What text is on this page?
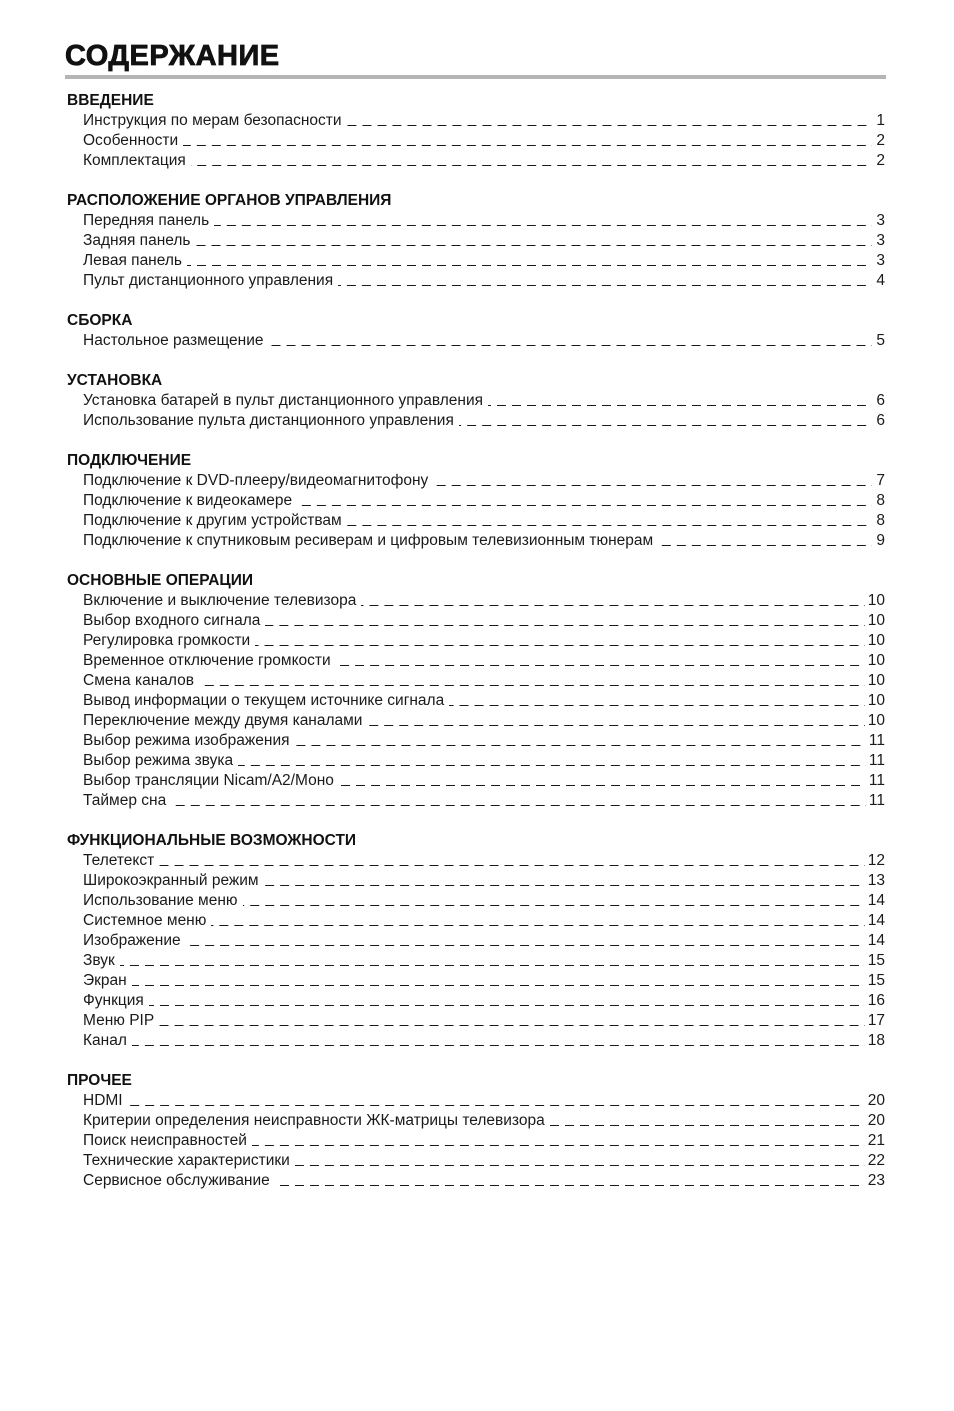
СОДЕРЖАНИЕ
ВВЕДЕНИЕ
Инструкция по мерам безопасности	1
Особенности	2
Комплектация	2
РАСПОЛОЖЕНИЕ ОРГАНОВ УПРАВЛЕНИЯ
Передняя панель	3
Задняя панель	3
Левая панель	3
Пульт дистанционного управления	4
СБОРКА
Настольное размещение	5
УСТАНОВКА
Установка батарей в пульт дистанционного управления	6
Использование пульта дистанционного управления	6
ПОДКЛЮЧЕНИЕ
Подключение к DVD-плееру/видеомагнитофону	7
Подключение к видеокамере	8
Подключение к другим устройствам	8
Подключение к спутниковым ресиверам и цифровым телевизионным тюнерам	9
ОСНОВНЫЕ ОПЕРАЦИИ
Включение и выключение телевизора	10
Выбор входного сигнала	10
Регулировка громкости	10
Временное отключение громкости	10
Смена каналов	10
Вывод информации о текущем источнике сигнала	10
Переключение между двумя каналами	10
Выбор режима изображения	11
Выбор режима звука	11
Выбор трансляции Nicam/A2/Моно	11
Таймер сна	11
ФУНКЦИОНАЛЬНЫЕ ВОЗМОЖНОСТИ
Телетекст	12
Широкоэкранный режим	13
Использование меню	14
Системное меню	14
Изображение	14
Звук	15
Экран	15
Функция	16
Меню PIP	17
Канал	18
ПРОЧЕЕ
HDMI	20
Критерии определения неисправности ЖК-матрицы телевизора	20
Поиск неисправностей	21
Технические характеристики	22
Сервисное обслуживание	23
